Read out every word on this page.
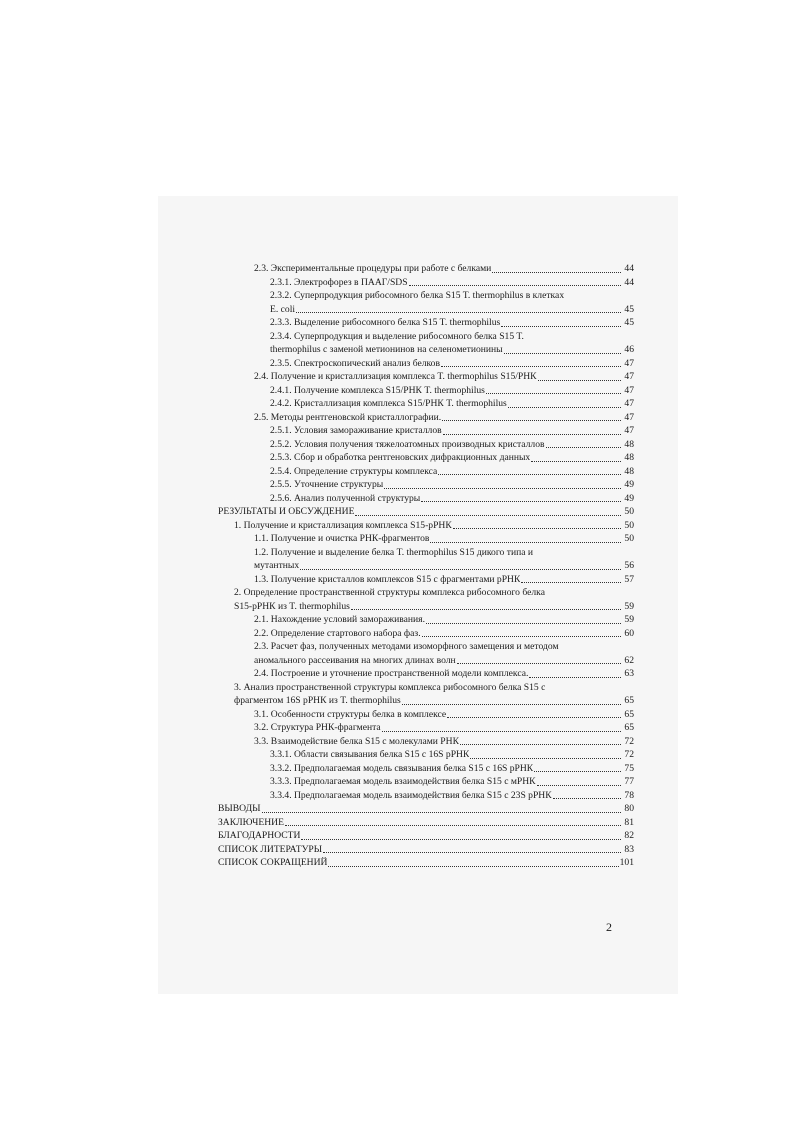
2.3. Экспериментальные процедуры при работе с белками	44
2.3.1. Электрофорез в ПААГ/SDS	44
2.3.2. Суперпродукция рибосомного белка S15 T. thermophilus в клетках
E. coli	45
2.3.3. Выделение рибосомного белка S15 T. thermophilus	45
2.3.4. Суперпродукция и выделение рибосомного белка S15 T.
thermophilus с заменой метионинов на селенометионины	46
2.3.5. Спектроскопический анализ белков	47
2.4. Получение и кристаллизация комплекса T. thermophilus S15/РНК	47
2.4.1. Получение комплекса S15/РНК T. thermophilus	47
2.4.2. Кристаллизация комплекса S15/РНК T. thermophilus	47
2.5. Методы рентгеновской кристаллографии.	47
2.5.1. Условия замораживание кристаллов	47
2.5.2. Условия получения тяжелоатомных производных кристаллов	48
2.5.3. Сбор и обработка рентгеновских дифракционных данных	48
2.5.4. Определение структуры комплекса	48
2.5.5. Уточнение структуры	49
2.5.6. Анализ полученной структуры	49
РЕЗУЛЬТАТЫ И ОБСУЖДЕНИЕ	50
1. Получение и кристаллизация комплекса S15-рРНК	50
1.1. Получение и очистка РНК-фрагментов	50
1.2. Получение и выделение белка T. thermophilus S15 дикого типа и
мутантных	56
1.3. Получение кристаллов комплексов S15 с фрагментами рРНК	57
2. Определение пространственной структуры комплекса рибосомного белка
S15-рРНК из T. thermophilus	59
2.1. Нахождение условий замораживания.	59
2.2. Определение стартового набора фаз.	60
2.3. Расчет фаз, полученных методами изоморфного замещения и методом
аномального рассеивания на многих длинах волн	62
2.4. Построение и уточнение пространственной модели комплекса.	63
3. Анализ пространственной структуры комплекса рибосомного белка S15 с
фрагментом 16S рРНК из T. thermophilus	65
3.1. Особенности структуры белка в комплексе	65
3.2. Структура РНК-фрагмента	65
3.3. Взаимодействие белка S15 с молекулами РНК	72
3.3.1. Области связывания белка S15 с 16S рРНК	72
3.3.2. Предполагаемая модель связывания белка S15 с 16S рРНК	75
3.3.3. Предполагаемая модель взаимодействия белка S15 с мРНК	77
3.3.4. Предполагаемая модель взаимодействия белка S15 с 23S рРНК	78
ВЫВОДЫ	80
ЗАКЛЮЧЕНИЕ	81
БЛАГОДАРНОСТИ	82
СПИСОК ЛИТЕРАТУРЫ	83
СПИСОК СОКРАЩЕНИЙ	101
2
